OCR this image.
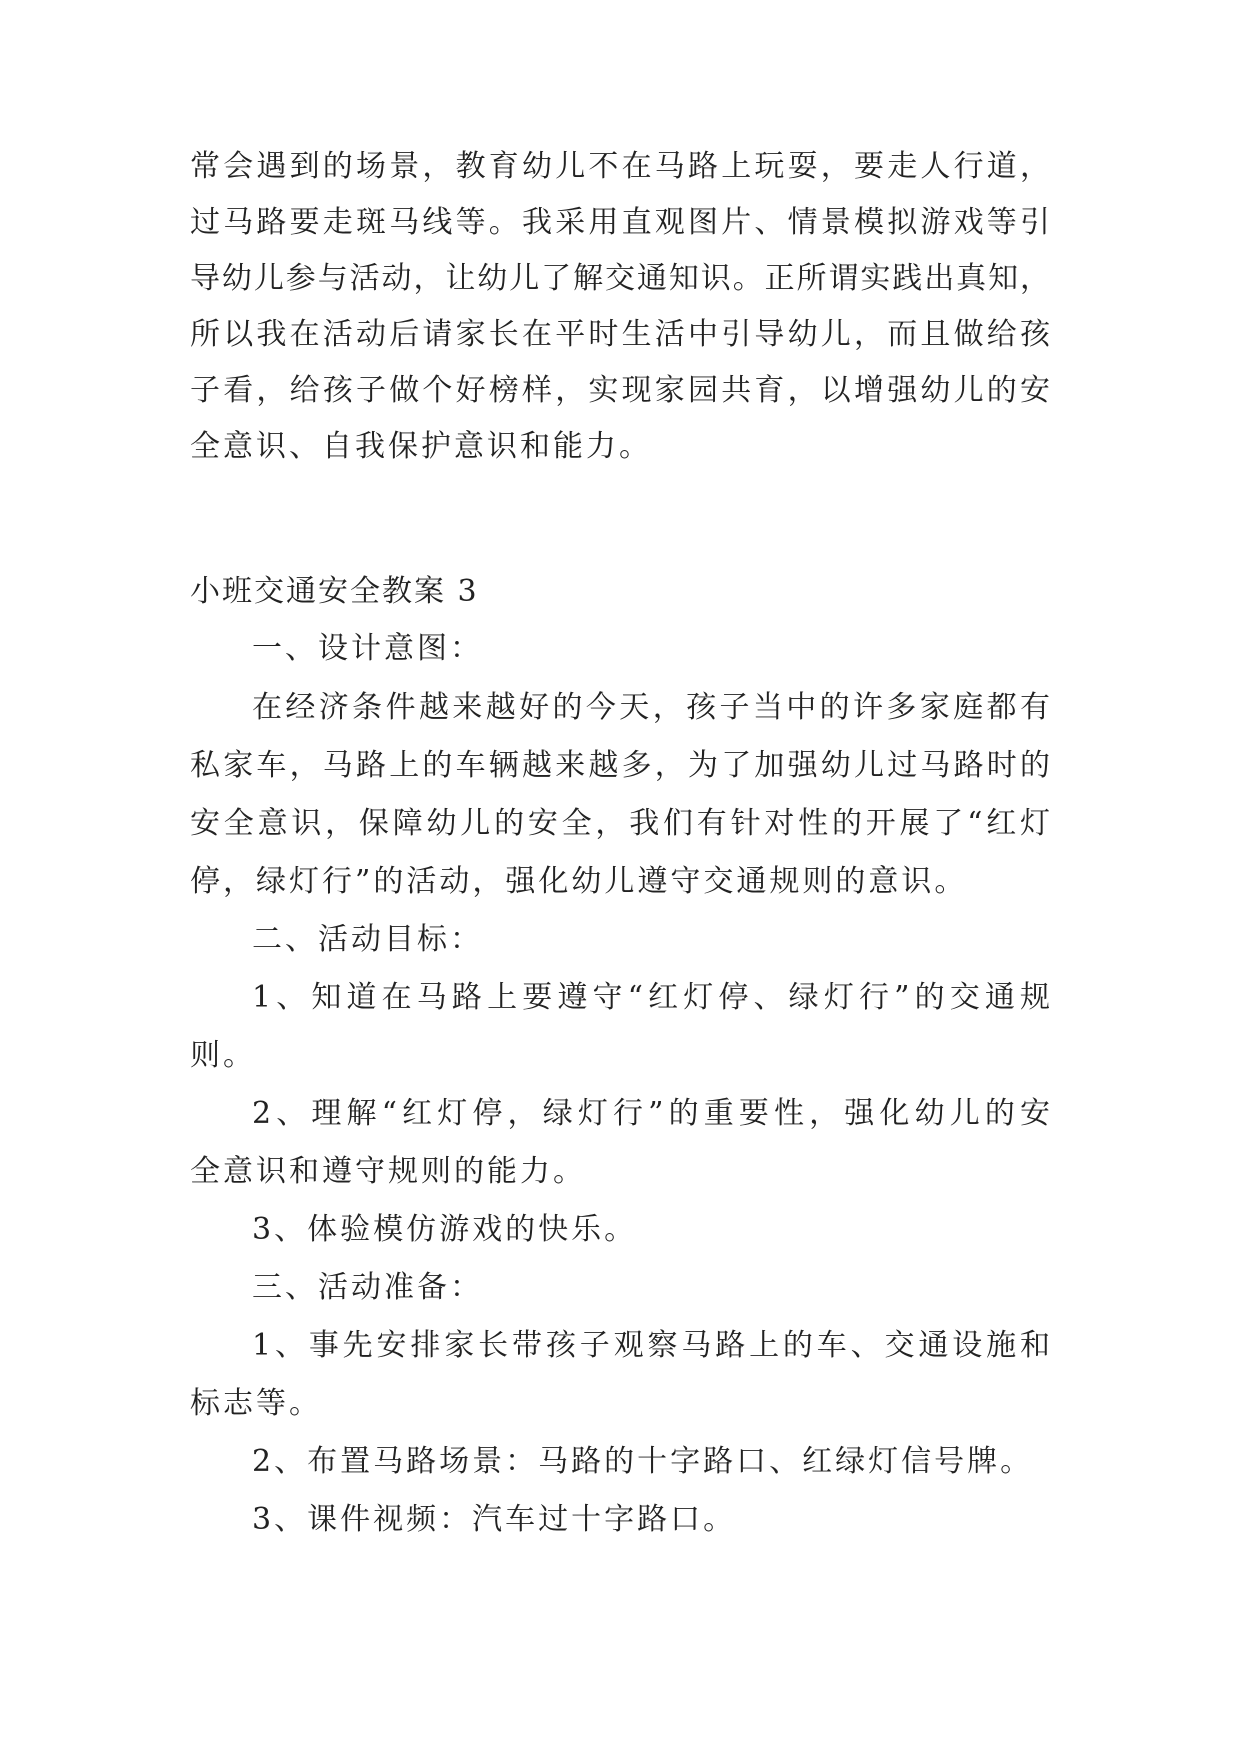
常会遇到的场景，教育幼儿不在马路上玩耍，要走人行道，
过马路要走斑马线等。我采用直观图片、情景模拟游戏等引
导幼儿参与活动，让幼儿了解交通知识。正所谓实践出真知，
所以我在活动后请家长在平时生活中引导幼儿，而且做给孩
子看，给孩子做个好榜样，实现家园共育，以增强幼儿的安
全意识、自我保护意识和能力。
小班交通安全教案 3
一、设计意图：
在经济条件越来越好的今天，孩子当中的许多家庭都有
私家车，马路上的车辆越来越多，为了加强幼儿过马路时的
安全意识，保障幼儿的安全，我们有针对性的开展了“红灯
停，绿灯行”的活动，强化幼儿遵守交通规则的意识。
二、活动目标：
1、知道在马路上要遵守“红灯停、绿灯行”的交通规
则。
2、理解“红灯停，绿灯行”的重要性，强化幼儿的安
全意识和遵守规则的能力。
3、体验模仿游戏的快乐。
三、活动准备：
1、事先安排家长带孩子观察马路上的车、交通设施和
标志等。
2、布置马路场景：马路的十字路口、红绿灯信号牌。
3、课件视频：汽车过十字路口。
